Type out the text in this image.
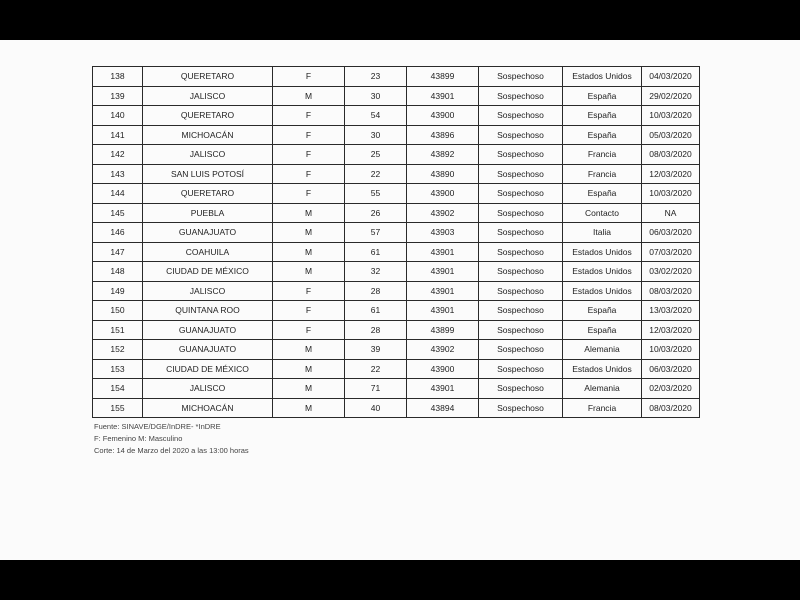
138	QUERETARO	F	23	43899	Sospechoso	Estados Unidos	04/03/2020
139	JALISCO	M	30	43901	Sospechoso	España	29/02/2020
140	QUERETARO	F	54	43900	Sospechoso	España	10/03/2020
141	MICHOACÁN	F	30	43896	Sospechoso	España	05/03/2020
142	JALISCO	F	25	43892	Sospechoso	Francia	08/03/2020
143	SAN LUIS POTOSÍ	F	22	43890	Sospechoso	Francia	12/03/2020
144	QUERETARO	F	55	43900	Sospechoso	España	10/03/2020
145	PUEBLA	M	26	43902	Sospechoso	Contacto	NA
146	GUANAJUATO	M	57	43903	Sospechoso	Italia	06/03/2020
147	COAHUILA	M	61	43901	Sospechoso	Estados Unidos	07/03/2020
148	CIUDAD DE MÉXICO	M	32	43901	Sospechoso	Estados Unidos	03/02/2020
149	JALISCO	F	28	43901	Sospechoso	Estados Unidos	08/03/2020
150	QUINTANA ROO	F	61	43901	Sospechoso	España	13/03/2020
151	GUANAJUATO	F	28	43899	Sospechoso	España	12/03/2020
152	GUANAJUATO	M	39	43902	Sospechoso	Alemania	10/03/2020
153	CIUDAD DE MÉXICO	M	22	43900	Sospechoso	Estados Unidos	06/03/2020
154	JALISCO	M	71	43901	Sospechoso	Alemania	02/03/2020
155	MICHOACÁN	M	40	43894	Sospechoso	Francia	08/03/2020
Fuente: SINAVE/DGE/InDRE- *InDRE
F: Femenino M: Masculino
Corte: 14 de Marzo del 2020 a las 13:00 horas
